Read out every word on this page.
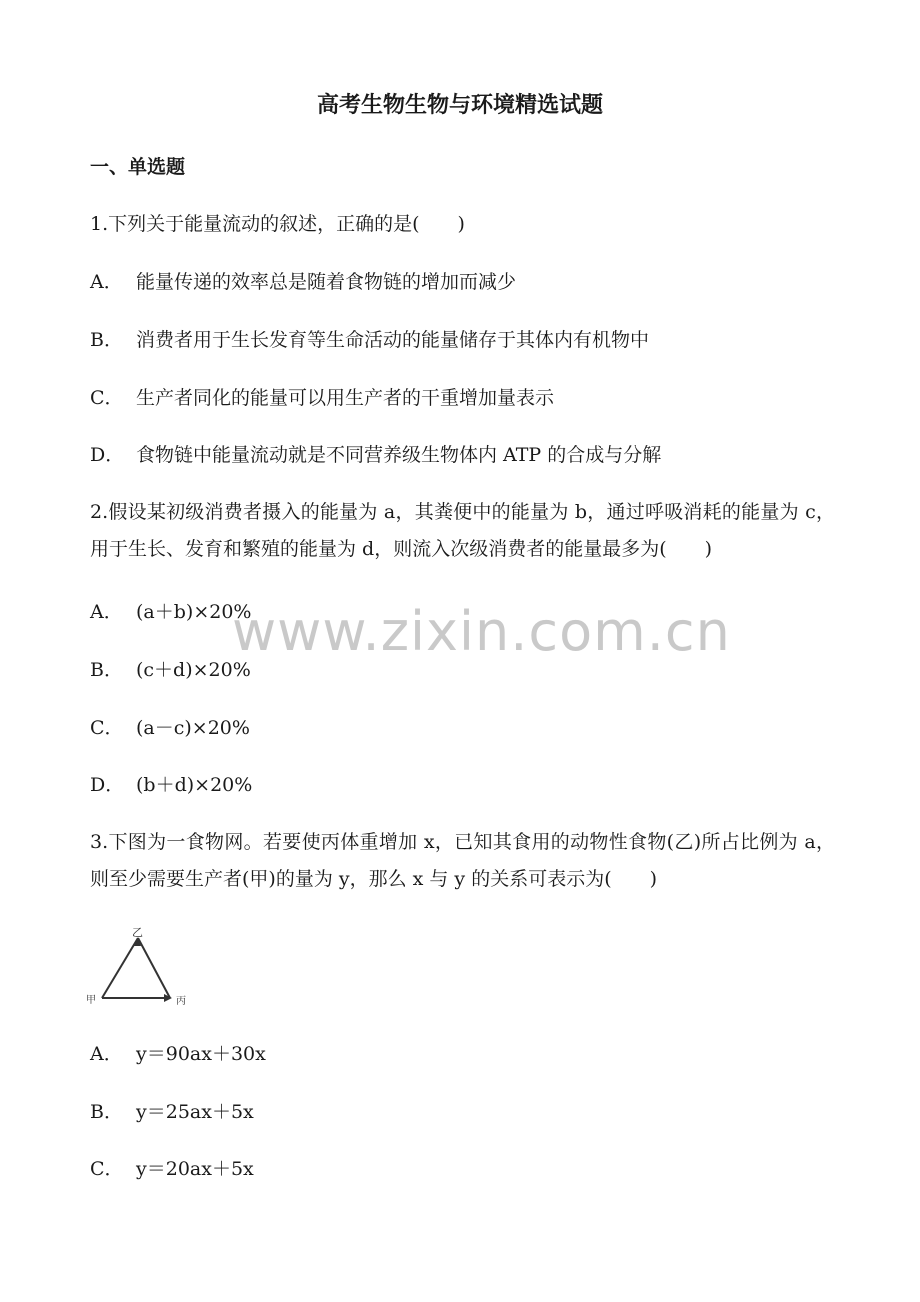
高考生物生物与环境精选试题
一、单选题
1.下列关于能量流动的叙述，正确的是(　　)
A． 能量传递的效率总是随着食物链的增加而减少
B． 消费者用于生长发育等生命活动的能量储存于其体内有机物中
C． 生产者同化的能量可以用生产者的干重增加量表示
D． 食物链中能量流动就是不同营养级生物体内 ATP 的合成与分解
2.假设某初级消费者摄入的能量为 a，其粪便中的能量为 b，通过呼吸消耗的能量为 c，用于生长、发育和繁殖的能量为 d，则流入次级消费者的能量最多为(　　)
A． (a＋b)×20%
B． (c＋d)×20%
C． (a－c)×20%
D． (b＋d)×20%
3.下图为一食物网。若要使丙体重增加 x，已知其食用的动物性食物(乙)所占比例为 a，则至少需要生产者(甲)的量为 y，那么 x 与 y 的关系可表示为(　　)
乙
甲	丙
A． y＝90ax＋30x
B． y＝25ax＋5x
C． y＝20ax＋5x
www.zixin.com.cn
